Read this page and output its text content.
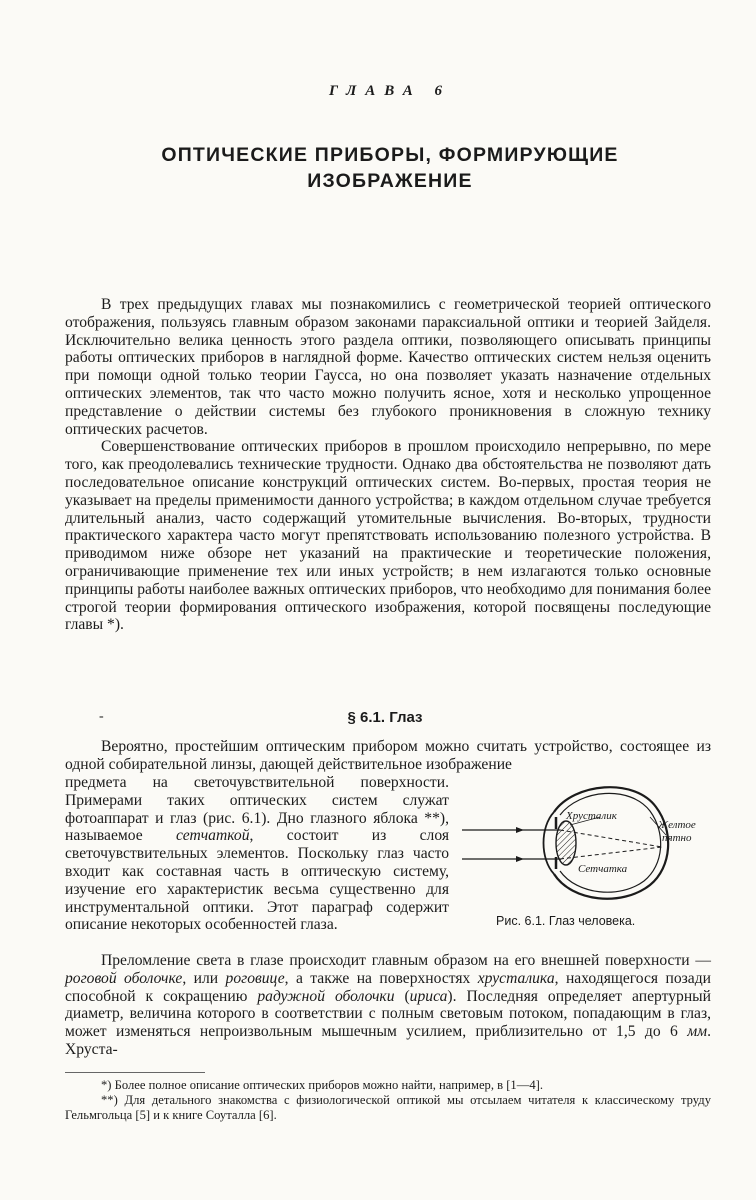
ГЛАВА 6
ОПТИЧЕСКИЕ ПРИБОРЫ, ФОРМИРУЮЩИЕ
ИЗОБРАЖЕНИЕ

В трех предыдущих главах мы познакомились с геометрической теорией оптического отображения, пользуясь главным образом законами параксиальной оптики и теорией Зайделя. Исключительно велика ценность этого раздела оптики, позволяющего описывать принципы работы оптических приборов в наглядной форме. Качество оптических систем нельзя оценить при помощи одной только теории Гаусса, но она позволяет указать назначение отдельных оптических элементов, так что часто можно получить ясное, хотя и несколько упрощенное представление о действии системы без глубокого проникновения в сложную технику оптических расчетов.

Совершенствование оптических приборов в прошлом происходило непрерывно, по мере того, как преодолевались технические трудности. Однако два обстоятельства не позволяют дать последовательное описание конструкций оптических систем. Во-первых, простая теория не указывает на пределы применимости данного устройства; в каждом отдельном случае требуется длительный анализ, часто содержащий утомительные вычисления. Во-вторых, трудности практического характера часто могут препятствовать использованию полезного устройства. В приводимом ниже обзоре нет указаний на практические и теоретические положения, ограничивающие применение тех или иных устройств; в нем излагаются только основные принципы работы наиболее важных оптических приборов, что необходимо для понимания более строгой теории формирования оптического изображения, которой посвящены последующие главы *).

-	§ 6.1. Глаз

Вероятно, простейшим оптическим прибором можно считать устройство, состоящее из одной собирательной линзы, дающей действительное изображение

предмета на светочувствительной поверхности. Примерами таких оптических систем служат фотоаппарат и глаз (рис. 6.1). Дно глазного яблока **), называемое сетчаткой, состоит из слоя светочувствительных элементов. Поскольку глаз часто входит как составная часть в оптическую систему, изучение его характеристик весьма существенно для инструментальной оптики. Этот параграф содержит описание некоторых особенностей глаза.
Хрусталик
Желтое
пятно
Сетчатка
Рис. 6.1. Глаз человека.

Преломление света в глазе происходит главным образом на его внешней поверхности — роговой оболочке, или роговице, а также на поверхностях хрусталика, находящегося позади способной к сокращению радужной оболочки (ириса). Последняя определяет апертурный диаметр, величина которого в соответствии с полным световым потоком, попадающим в глаз, может изменяться непроизвольным мышечным усилием, приблизительно от 1,5 до 6 мм. Хруста-

*) Более полное описание оптических приборов можно найти, например, в [1—4].

**) Для детального знакомства с физиологической оптикой мы отсылаем читателя к классическому труду Гельмгольца [5] и к книге Соуталла [6].
